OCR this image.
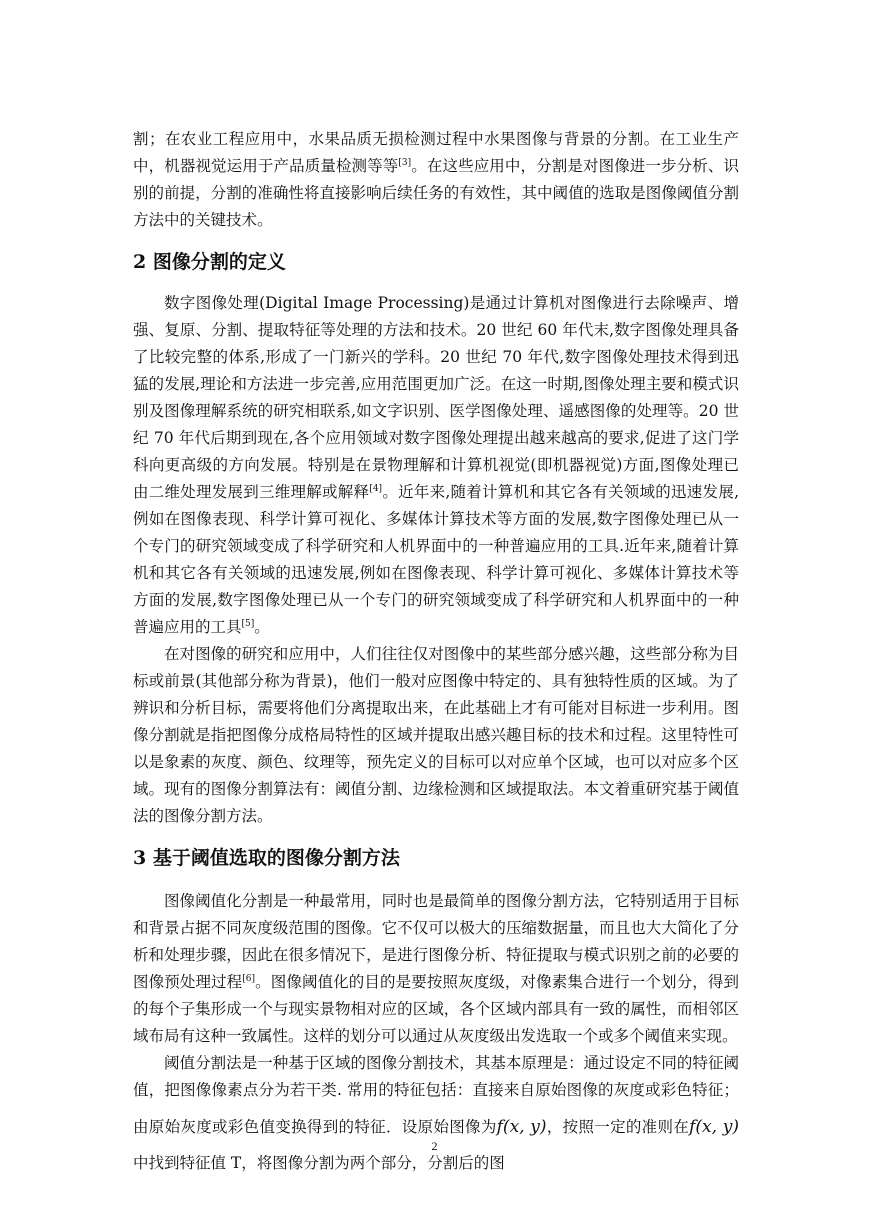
割；在农业工程应用中，水果品质无损检测过程中水果图像与背景的分割。在工业生产中，机器视觉运用于产品质量检测等等[3]。在这些应用中，分割是对图像进一步分析、识别的前提，分割的准确性将直接影响后续任务的有效性，其中阈值的选取是图像阈值分割方法中的关键技术。

2 图像分割的定义

数字图像处理(Digital Image Processing)是通过计算机对图像进行去除噪声、增强、复原、分割、提取特征等处理的方法和技术。20 世纪 60 年代末,数字图像处理具备了比较完整的体系,形成了一门新兴的学科。20 世纪 70 年代,数字图像处理技术得到迅猛的发展,理论和方法进一步完善,应用范围更加广泛。在这一时期,图像处理主要和模式识别及图像理解系统的研究相联系,如文字识别、医学图像处理、遥感图像的处理等。20 世纪 70 年代后期到现在,各个应用领域对数字图像处理提出越来越高的要求,促进了这门学科向更高级的方向发展。特别是在景物理解和计算机视觉(即机器视觉)方面,图像处理已由二维处理发展到三维理解或解释[4]。近年来,随着计算机和其它各有关领域的迅速发展,例如在图像表现、科学计算可视化、多媒体计算技术等方面的发展,数字图像处理已从一个专门的研究领域变成了科学研究和人机界面中的一种普遍应用的工具.近年来,随着计算机和其它各有关领域的迅速发展,例如在图像表现、科学计算可视化、多媒体计算技术等方面的发展,数字图像处理已从一个专门的研究领域变成了科学研究和人机界面中的一种普遍应用的工具[5]。

在对图像的研究和应用中，人们往往仅对图像中的某些部分感兴趣，这些部分称为目标或前景(其他部分称为背景)，他们一般对应图像中特定的、具有独特性质的区域。为了辨识和分析目标，需要将他们分离提取出来，在此基础上才有可能对目标进一步利用。图像分割就是指把图像分成格局特性的区域并提取出感兴趣目标的技术和过程。这里特性可以是象素的灰度、颜色、纹理等，预先定义的目标可以对应单个区域，也可以对应多个区域。现有的图像分割算法有：阈值分割、边缘检测和区域提取法。本文着重研究基于阈值法的图像分割方法。

3 基于阈值选取的图像分割方法

图像阈值化分割是一种最常用，同时也是最简单的图像分割方法，它特别适用于目标和背景占据不同灰度级范围的图像。它不仅可以极大的压缩数据量，而且也大大简化了分析和处理步骤，因此在很多情况下，是进行图像分析、特征提取与模式识别之前的必要的图像预处理过程[6]。图像阈值化的目的是要按照灰度级，对像素集合进行一个划分，得到的每个子集形成一个与现实景物相对应的区域，各个区域内部具有一致的属性，而相邻区域布局有这种一致属性。这样的划分可以通过从灰度级出发选取一个或多个阈值来实现。

阈值分割法是一种基于区域的图像分割技术，其基本原理是：通过设定不同的特征阈值，把图像像素点分为若干类. 常用的特征包括：直接来自原始图像的灰度或彩色特征；由原始灰度或彩色值变换得到的特征．设原始图像为f(x, y)，按照一定的准则在f(x, y)中找到特征值 T，将图像分割为两个部分，分割后的图

2
